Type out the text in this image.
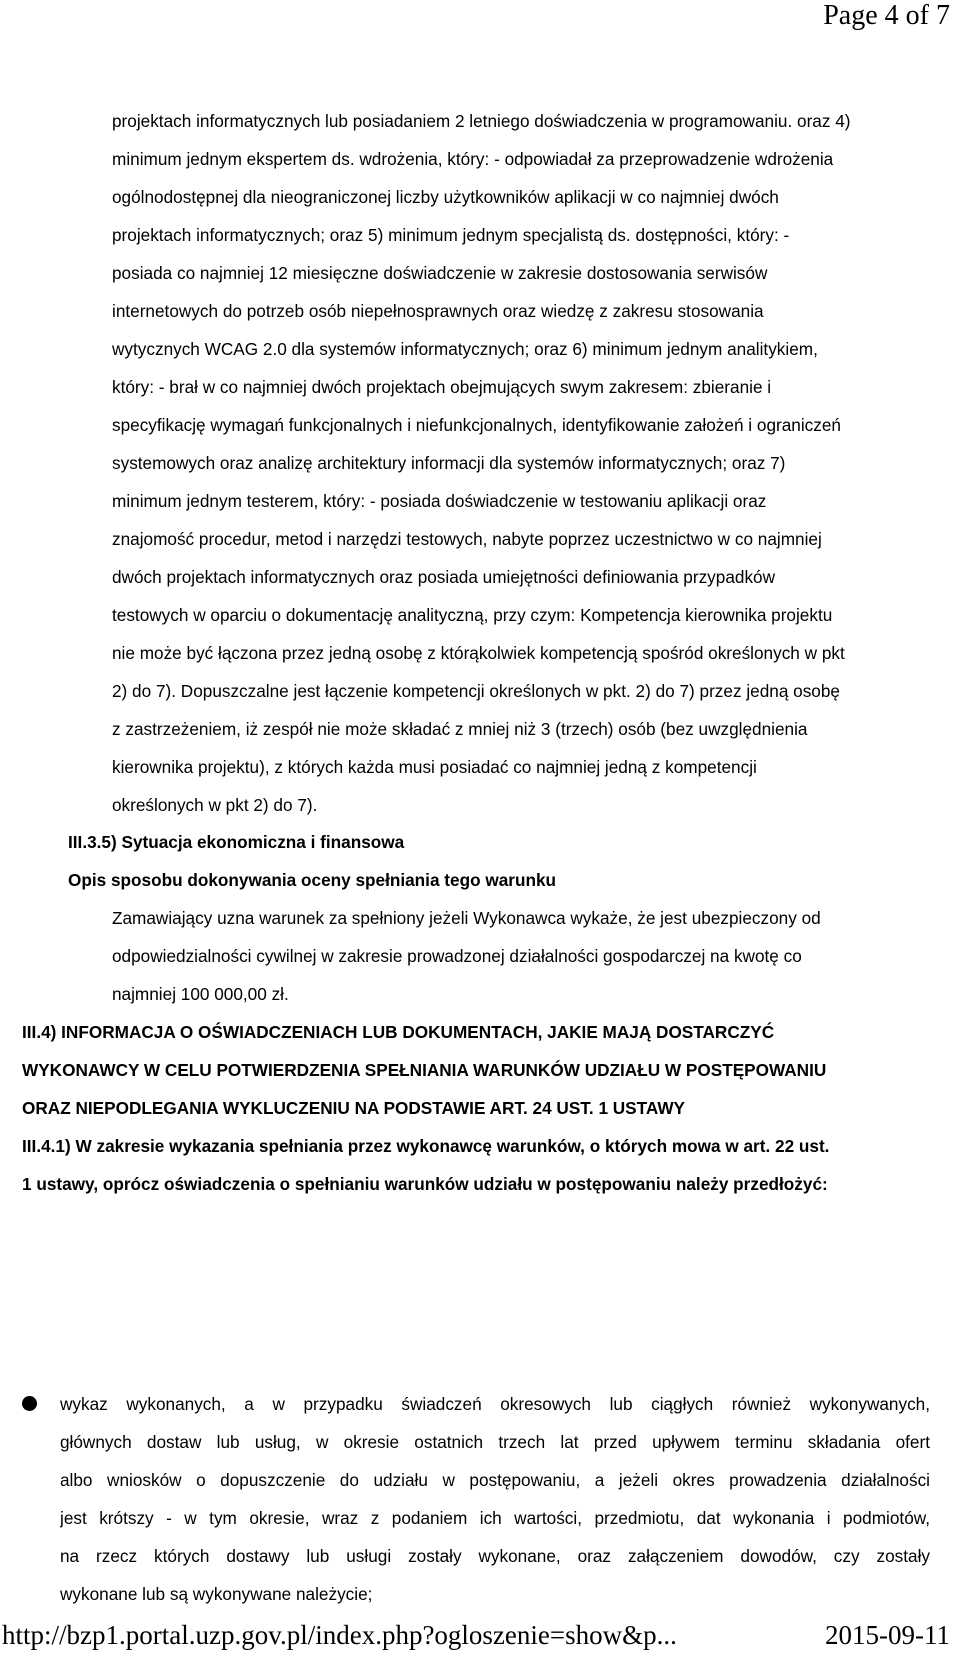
Page 4 of 7
projektach informatycznych lub posiadaniem 2 letniego doświadczenia w programowaniu. oraz 4)
minimum jednym ekspertem ds. wdrożenia, który: - odpowiadał za przeprowadzenie wdrożenia
ogólnodostępnej dla nieograniczonej liczby użytkowników aplikacji w co najmniej dwóch
projektach informatycznych; oraz 5) minimum jednym specjalistą ds. dostępności, który: -
posiada co najmniej 12 miesięczne doświadczenie w zakresie dostosowania serwisów
internetowych do potrzeb osób niepełnosprawnych oraz wiedzę z zakresu stosowania
wytycznych WCAG 2.0 dla systemów informatycznych; oraz 6) minimum jednym analitykiem,
który: - brał w co najmniej dwóch projektach obejmujących swym zakresem: zbieranie i
specyfikację wymagań funkcjonalnych i niefunkcjonalnych, identyfikowanie założeń i ograniczeń
systemowych oraz analizę architektury informacji dla systemów informatycznych; oraz 7)
minimum jednym testerem, który: - posiada doświadczenie w testowaniu aplikacji oraz
znajomość procedur, metod i narzędzi testowych, nabyte poprzez uczestnictwo w co najmniej
dwóch projektach informatycznych oraz posiada umiejętności definiowania przypadków
testowych w oparciu o dokumentację analityczną, przy czym: Kompetencja kierownika projektu
nie może być łączona przez jedną osobę z którąkolwiek kompetencją spośród określonych w pkt
2) do 7). Dopuszczalne jest łączenie kompetencji określonych w pkt. 2) do 7) przez jedną osobę
z zastrzeżeniem, iż zespół nie może składać z mniej niż 3 (trzech) osób (bez uwzględnienia
kierownika projektu), z których każda musi posiadać co najmniej jedną z kompetencji
określonych w pkt 2) do 7).
III.3.5) Sytuacja ekonomiczna i finansowa
Opis sposobu dokonywania oceny spełniania tego warunku
Zamawiający uzna warunek za spełniony jeżeli Wykonawca wykaże, że jest ubezpieczony od
odpowiedzialności cywilnej w zakresie prowadzonej działalności gospodarczej na kwotę co
najmniej 100 000,00 zł.
III.4) INFORMACJA O OŚWIADCZENIACH LUB DOKUMENTACH, JAKIE MAJĄ DOSTARCZYĆ
WYKONAWCY W CELU POTWIERDZENIA SPEŁNIANIA WARUNKÓW UDZIAŁU W POSTĘPOWANIU
ORAZ NIEPODLEGANIA WYKLUCZENIU NA PODSTAWIE ART. 24 UST. 1 USTAWY
III.4.1) W zakresie wykazania spełniania przez wykonawcę warunków, o których mowa w art. 22 ust.
1 ustawy, oprócz oświadczenia o spełnianiu warunków udziału w postępowaniu należy przedłożyć:
wykaz wykonanych, a w przypadku świadczeń okresowych lub ciągłych również wykonywanych,
głównych dostaw lub usług, w okresie ostatnich trzech lat przed upływem terminu składania ofert
albo wniosków o dopuszczenie do udziału w postępowaniu, a jeżeli okres prowadzenia działalności
jest krótszy - w tym okresie, wraz z podaniem ich wartości, przedmiotu, dat wykonania i podmiotów,
na rzecz których dostawy lub usługi zostały wykonane, oraz załączeniem dowodów, czy zostały
wykonane lub są wykonywane należycie;
http://bzp1.portal.uzp.gov.pl/index.php?ogloszenie=show&p...	2015-09-11
